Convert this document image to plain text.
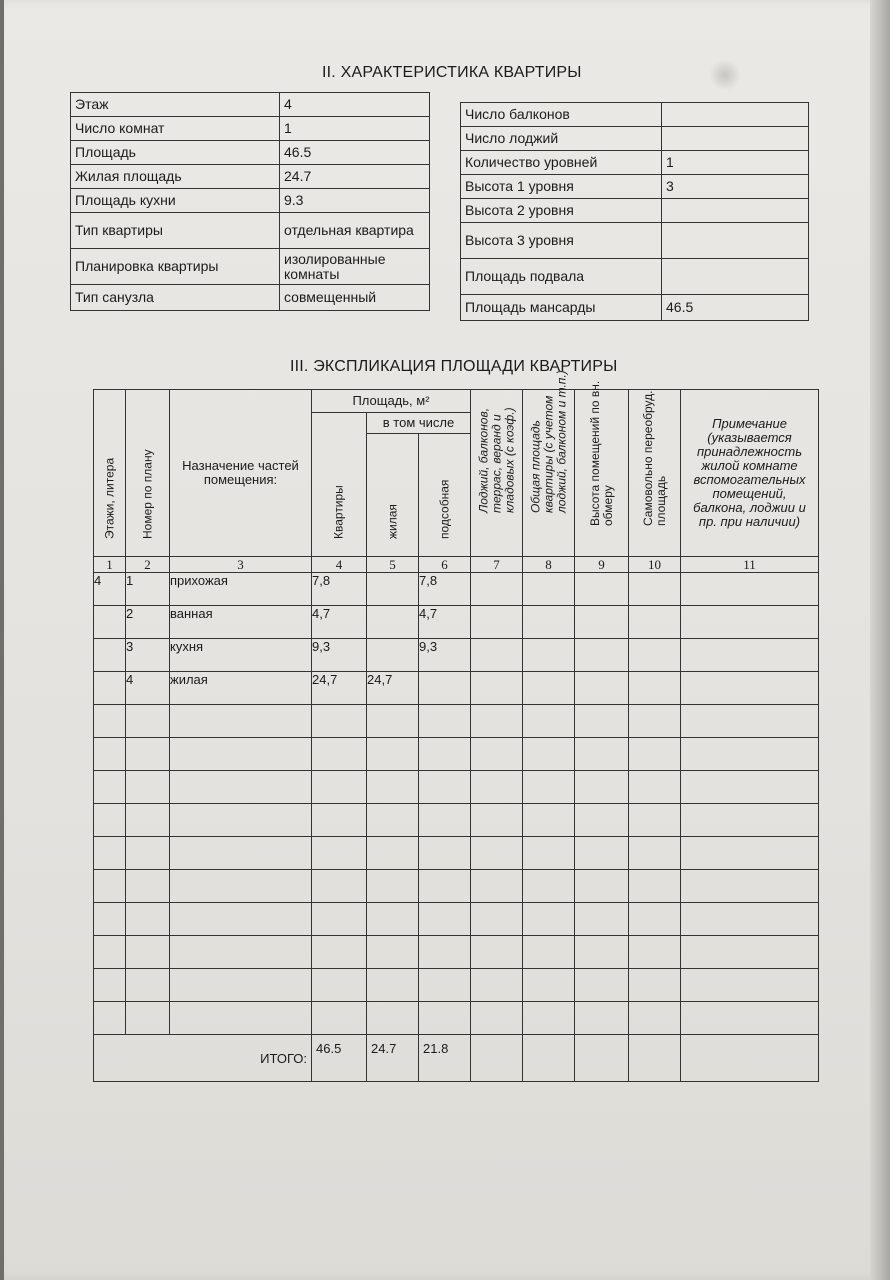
II. ХАРАКТЕРИСТИКА КВАРТИРЫ
Этаж	4
Число комнат	1
Площадь	46.5
Жилая площадь	24.7
Площадь кухни	9.3
Тип квартиры	отдельная квартира
Планировка квартиры	изолированные комнаты
Тип санузла	совмещенный
Число балконов	
Число лоджий	
Количество уровней	1
Высота 1 уровня	3
Высота 2 уровня	
Высота 3 уровня	
Площадь подвала	
Площадь мансарды	46.5
III. ЭКСПЛИКАЦИЯ ПЛОЩАДИ КВАРТИРЫ
Этажи, литера	Номер по плану	Назначение частей помещения:	Площадь, м²			Лоджий, балконов, террас, веранд и кладовых (с коэф.)	Общая площадь квартиры (с учетом лоджий, балконом и т.п.)	Высота помещений по вн. обмеру	Самовольно переобруд. площадь	Примечание (указывается принадлежность жилой комнате вспомогательных помещений, балкона, лоджии и пр. при наличии)

			Квартиры	в том числе						

				жилая	подсобная					

1	2	3	4	5	6	7	8	9	10	11
4	1	прихожая	7,8		7,8					
	2	ванная	4,7		4,7					
	3	кухня	9,3		9,3					
	4	жилая	24,7	24,7						

ИТОГО:			46.5	24.7	21.8					
